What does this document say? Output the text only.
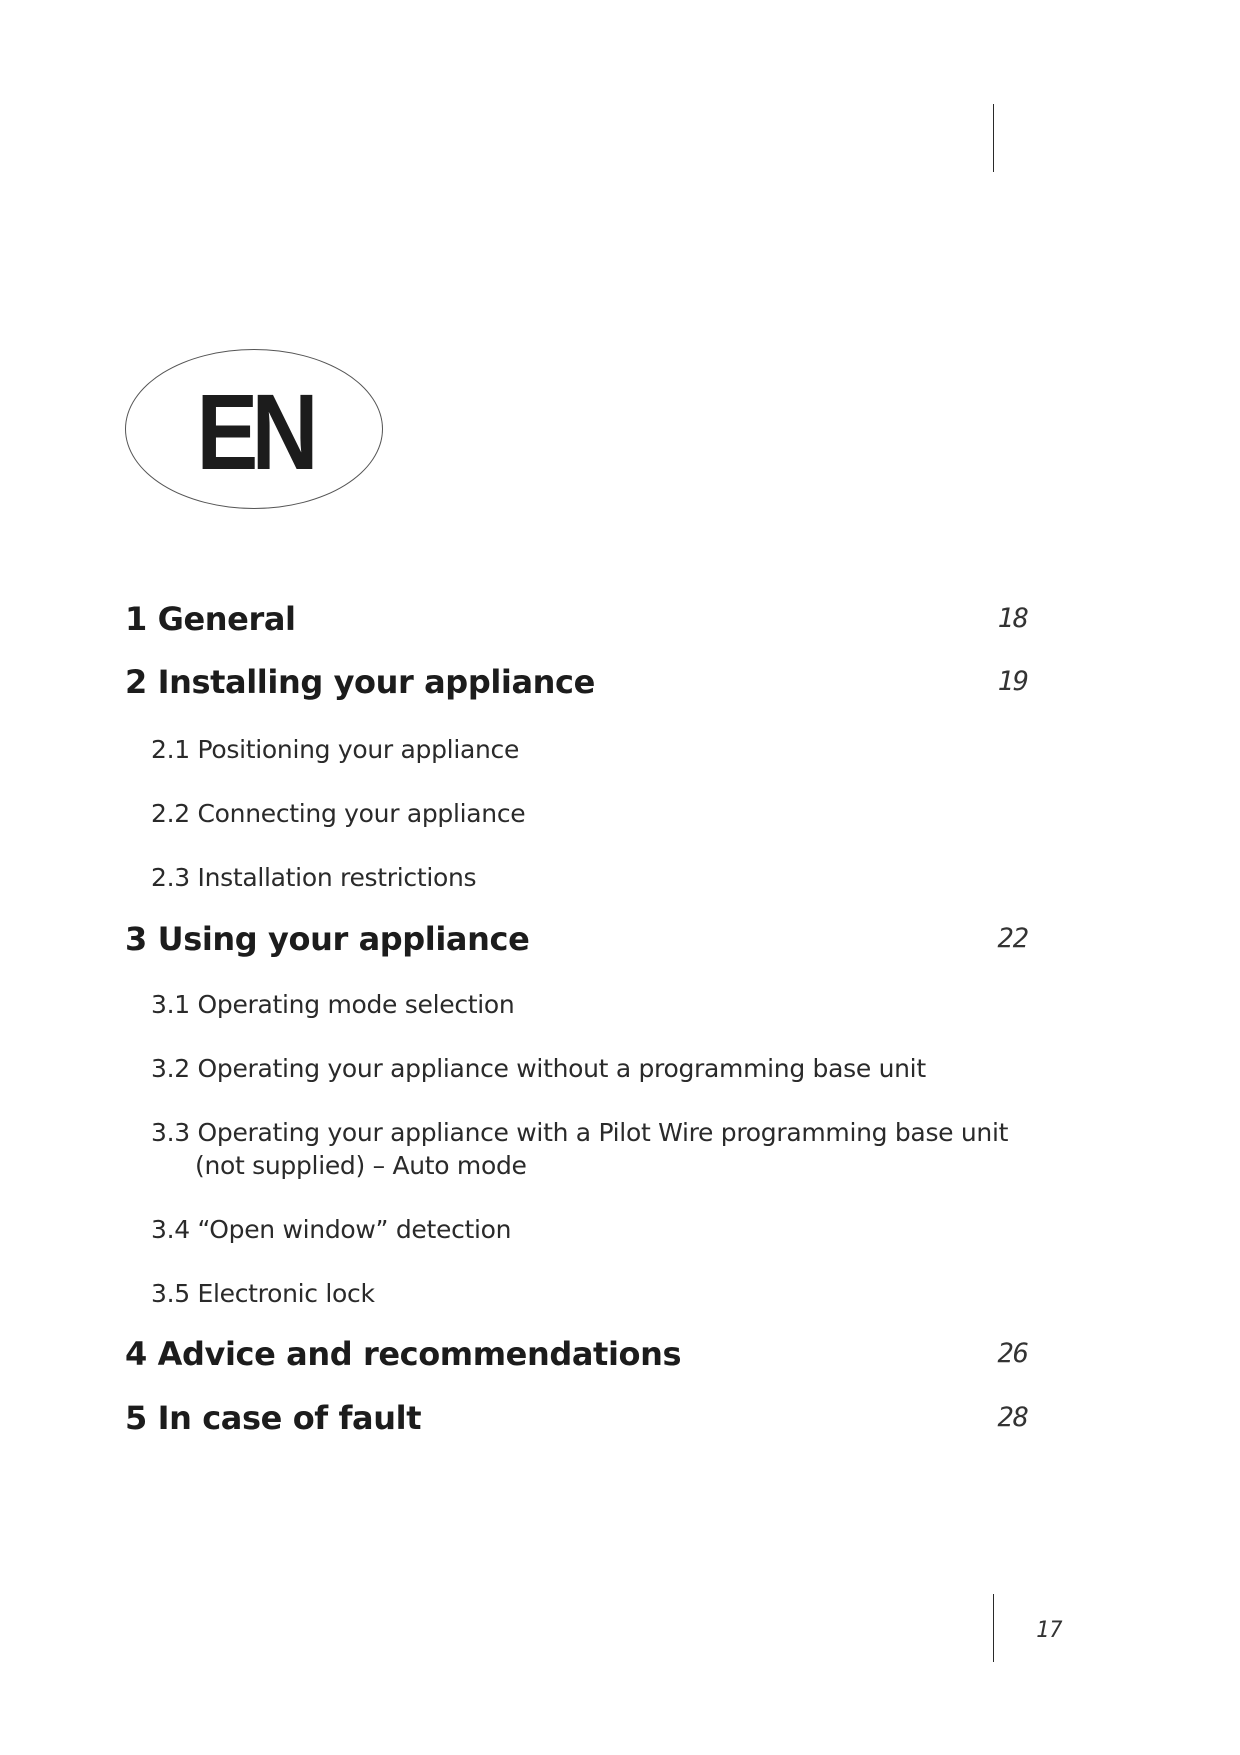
EN
1 General	18
2 Installing your appliance	19
2.1 Positioning your appliance
2.2 Connecting your appliance
2.3 Installation restrictions
3 Using your appliance	22
3.1 Operating mode selection
3.2 Operating your appliance without a programming base unit
3.3 Operating your appliance with a Pilot Wire programming base unit
(not supplied) – Auto mode
3.4 “Open window” detection
3.5 Electronic lock
4 Advice and recommendations	26
5 In case of fault	28
17
